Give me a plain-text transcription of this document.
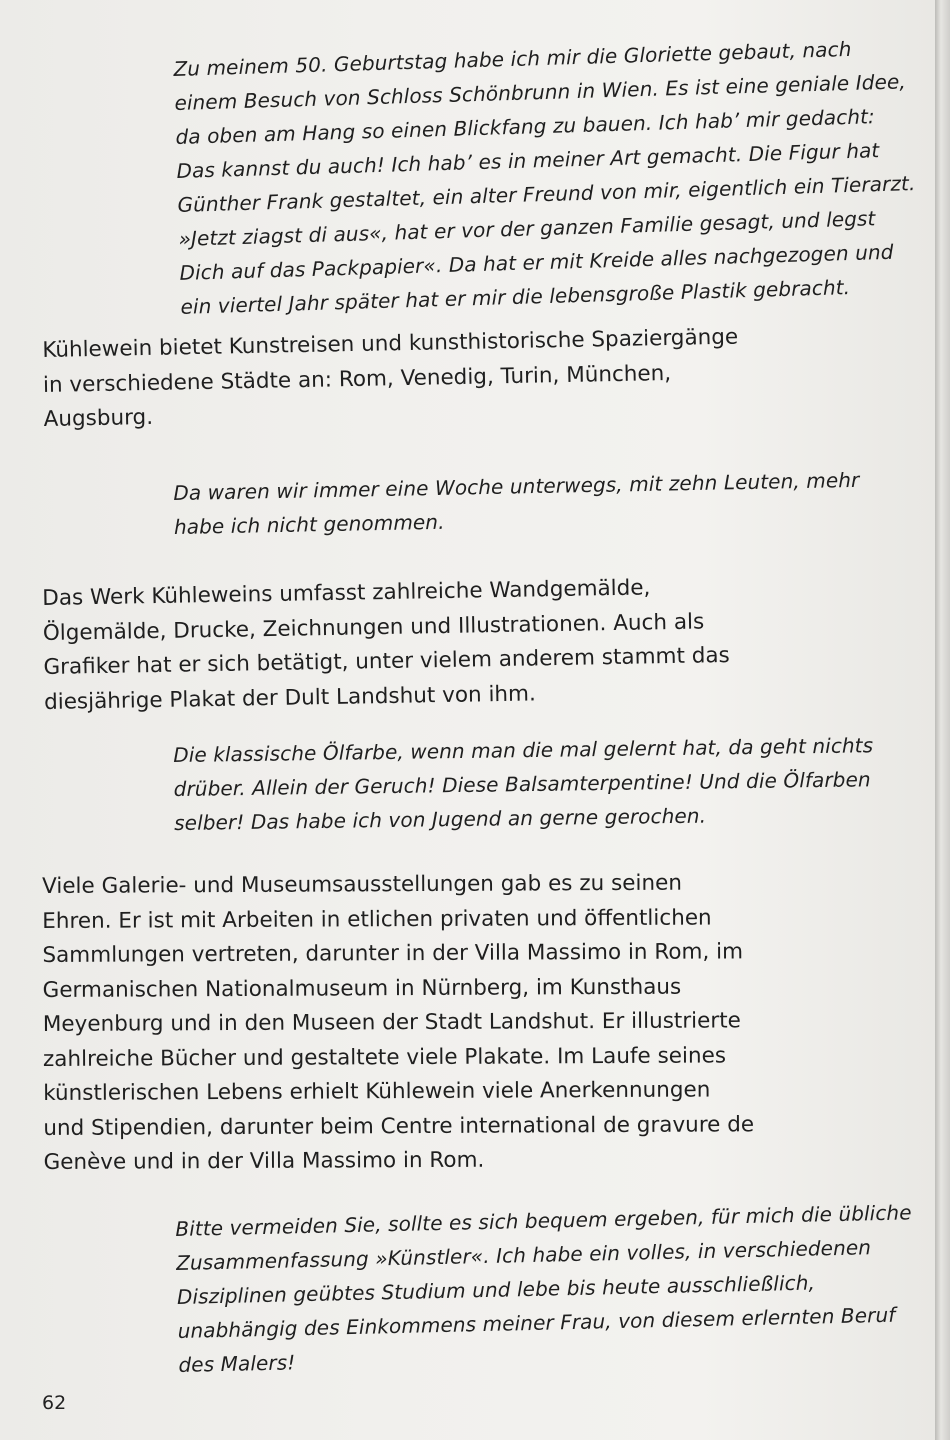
Zu meinem 50. Geburtstag habe ich mir die Gloriette gebaut, nach
einem Besuch von Schloss Schönbrunn in Wien. Es ist eine geniale Idee,
da oben am Hang so einen Blickfang zu bauen. Ich hab’ mir gedacht:
Das kannst du auch! Ich hab’ es in meiner Art gemacht. Die Figur hat
Günther Frank gestaltet, ein alter Freund von mir, eigentlich ein Tierarzt.
»Jetzt ziagst di aus«, hat er vor der ganzen Familie gesagt, und legst
Dich auf das Packpapier«. Da hat er mit Kreide alles nachgezogen und
ein viertel Jahr später hat er mir die lebensgroße Plastik gebracht.
Kühlewein bietet Kunstreisen und kunsthistorische Spaziergänge
in verschiedene Städte an: Rom, Venedig, Turin, München,
Augsburg.
Da waren wir immer eine Woche unterwegs, mit zehn Leuten, mehr
habe ich nicht genommen.
Das Werk Kühleweins umfasst zahlreiche Wandgemälde,
Ölgemälde, Drucke, Zeichnungen und Illustrationen. Auch als
Grafiker hat er sich betätigt, unter vielem anderem stammt das
diesjährige Plakat der Dult Landshut von ihm.
Die klassische Ölfarbe, wenn man die mal gelernt hat, da geht nichts
drüber. Allein der Geruch! Diese Balsamterpentine! Und die Ölfarben
selber! Das habe ich von Jugend an gerne gerochen.
Viele Galerie- und Museumsausstellungen gab es zu seinen
Ehren. Er ist mit Arbeiten in etlichen privaten und öffentlichen
Sammlungen vertreten, darunter in der Villa Massimo in Rom, im
Germanischen Nationalmuseum in Nürnberg, im Kunsthaus
Meyenburg und in den Museen der Stadt Landshut. Er illustrierte
zahlreiche Bücher und gestaltete viele Plakate. Im Laufe seines
künstlerischen Lebens erhielt Kühlewein viele Anerkennungen
und Stipendien, darunter beim Centre international de gravure de
Genève und in der Villa Massimo in Rom.
Bitte vermeiden Sie, sollte es sich bequem ergeben, für mich die übliche
Zusammenfassung »Künstler«. Ich habe ein volles, in verschiedenen
Disziplinen geübtes Studium und lebe bis heute ausschließlich,
unabhängig des Einkommens meiner Frau, von diesem erlernten Beruf
des Malers!
62
